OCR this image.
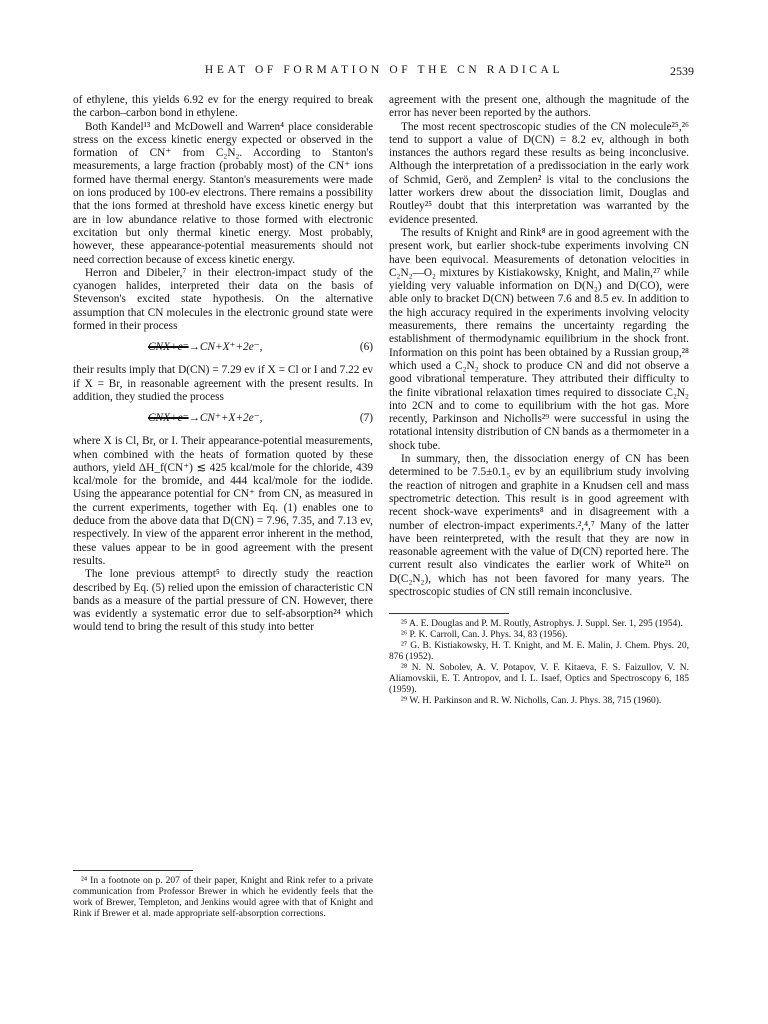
HEAT OF FORMATION OF THE CN RADICAL	2539

of ethylene, this yields 6.92 ev for the energy required to break the carbon–carbon bond in ethylene.

Both Kandel¹³ and McDowell and Warren⁴ place considerable stress on the excess kinetic energy expected or observed in the formation of CN⁺ from C₂N₂. According to Stanton's measurements, a large fraction (probably most) of the CN⁺ ions formed have thermal energy. Stanton's measurements were made on ions produced by 100-ev electrons. There remains a possibility that the ions formed at threshold have excess kinetic energy but are in low abundance relative to those formed with electronic excitation but only thermal kinetic energy. Most probably, however, these appearance-potential measurements should not need correction because of excess kinetic energy.

Herron and Dibeler,⁷ in their electron-impact study of the cyanogen halides, interpreted their data on the basis of Stevenson's excited state hypothesis. On the alternative assumption that CN molecules in the electronic ground state were formed in their process

CNX+e⁻→CN+X⁺+2e⁻,	(6)

their results imply that D(CN) = 7.29 ev if X = Cl or I and 7.22 ev if X = Br, in reasonable agreement with the present results. In addition, they studied the process

CNX+e⁻→CN⁺+X+2e⁻,	(7)

where X is Cl, Br, or I. Their appearance-potential measurements, when combined with the heats of formation quoted by these authors, yield ΔH_f(CN⁺) ≲ 425 kcal/mole for the chloride, 439 kcal/mole for the bromide, and 444 kcal/mole for the iodide. Using the appearance potential for CN⁺ from CN, as measured in the current experiments, together with Eq. (1) enables one to deduce from the above data that D(CN) = 7.96, 7.35, and 7.13 ev, respectively. In view of the apparent error inherent in the method, these values appear to be in good agreement with the present results.

The lone previous attempt⁵ to directly study the reaction described by Eq. (5) relied upon the emission of characteristic CN bands as a measure of the partial pressure of CN. However, there was evidently a systematic error due to self-absorption²⁴ which would tend to bring the result of this study into better

²⁴ In a footnote on p. 207 of their paper, Knight and Rink refer to a private communication from Professor Brewer in which he evidently feels that the work of Brewer, Templeton, and Jenkins would agree with that of Knight and Rink if Brewer et al. made appropriate self-absorption corrections.

agreement with the present one, although the magnitude of the error has never been reported by the authors.

The most recent spectroscopic studies of the CN molecule²⁵,²⁶ tend to support a value of D(CN) = 8.2 ev, although in both instances the authors regard these results as being inconclusive. Although the interpretation of a predissociation in the early work of Schmid, Gerö, and Zemplen² is vital to the conclusions the latter workers drew about the dissociation limit, Douglas and Routley²⁵ doubt that this interpretation was warranted by the evidence presented.

The results of Knight and Rink⁸ are in good agreement with the present work, but earlier shock-tube experiments involving CN have been equivocal. Measurements of detonation velocities in C₂N₂—O₂ mixtures by Kistiakowsky, Knight, and Malin,²⁷ while yielding very valuable information on D(N₂) and D(CO), were able only to bracket D(CN) between 7.6 and 8.5 ev. In addition to the high accuracy required in the experiments involving velocity measurements, there remains the uncertainty regarding the establishment of thermodynamic equilibrium in the shock front. Information on this point has been obtained by a Russian group,²⁸ which used a C₂N₂ shock to produce CN and did not observe a good vibrational temperature. They attributed their difficulty to the finite vibrational relaxation times required to dissociate C₂N₂ into 2CN and to come to equilibrium with the hot gas. More recently, Parkinson and Nicholls²⁹ were successful in using the rotational intensity distribution of CN bands as a thermometer in a shock tube.

In summary, then, the dissociation energy of CN has been determined to be 7.5±0.1₅ ev by an equilibrium study involving the reaction of nitrogen and graphite in a Knudsen cell and mass spectrometric detection. This result is in good agreement with recent shock-wave experiments⁸ and in disagreement with a number of electron-impact experiments.²,⁴,⁷ Many of the latter have been reinterpreted, with the result that they are now in reasonable agreement with the value of D(CN) reported here. The current result also vindicates the earlier work of White²¹ on D(C₂N₂), which has not been favored for many years. The spectroscopic studies of CN still remain inconclusive.

²⁵ A. E. Douglas and P. M. Routly, Astrophys. J. Suppl. Ser. 1, 295 (1954).

²⁶ P. K. Carroll, Can. J. Phys. 34, 83 (1956).

²⁷ G. B. Kistiakowsky, H. T. Knight, and M. E. Malin, J. Chem. Phys. 20, 876 (1952).

²⁸ N. N. Sobolev, A. V. Potapov, V. F. Kitaeva, F. S. Faizullov, V. N. Aliamovskii, E. T. Antropov, and I. L. Isaef, Optics and Spectroscopy 6, 185 (1959).

²⁹ W. H. Parkinson and R. W. Nicholls, Can. J. Phys. 38, 715 (1960).
